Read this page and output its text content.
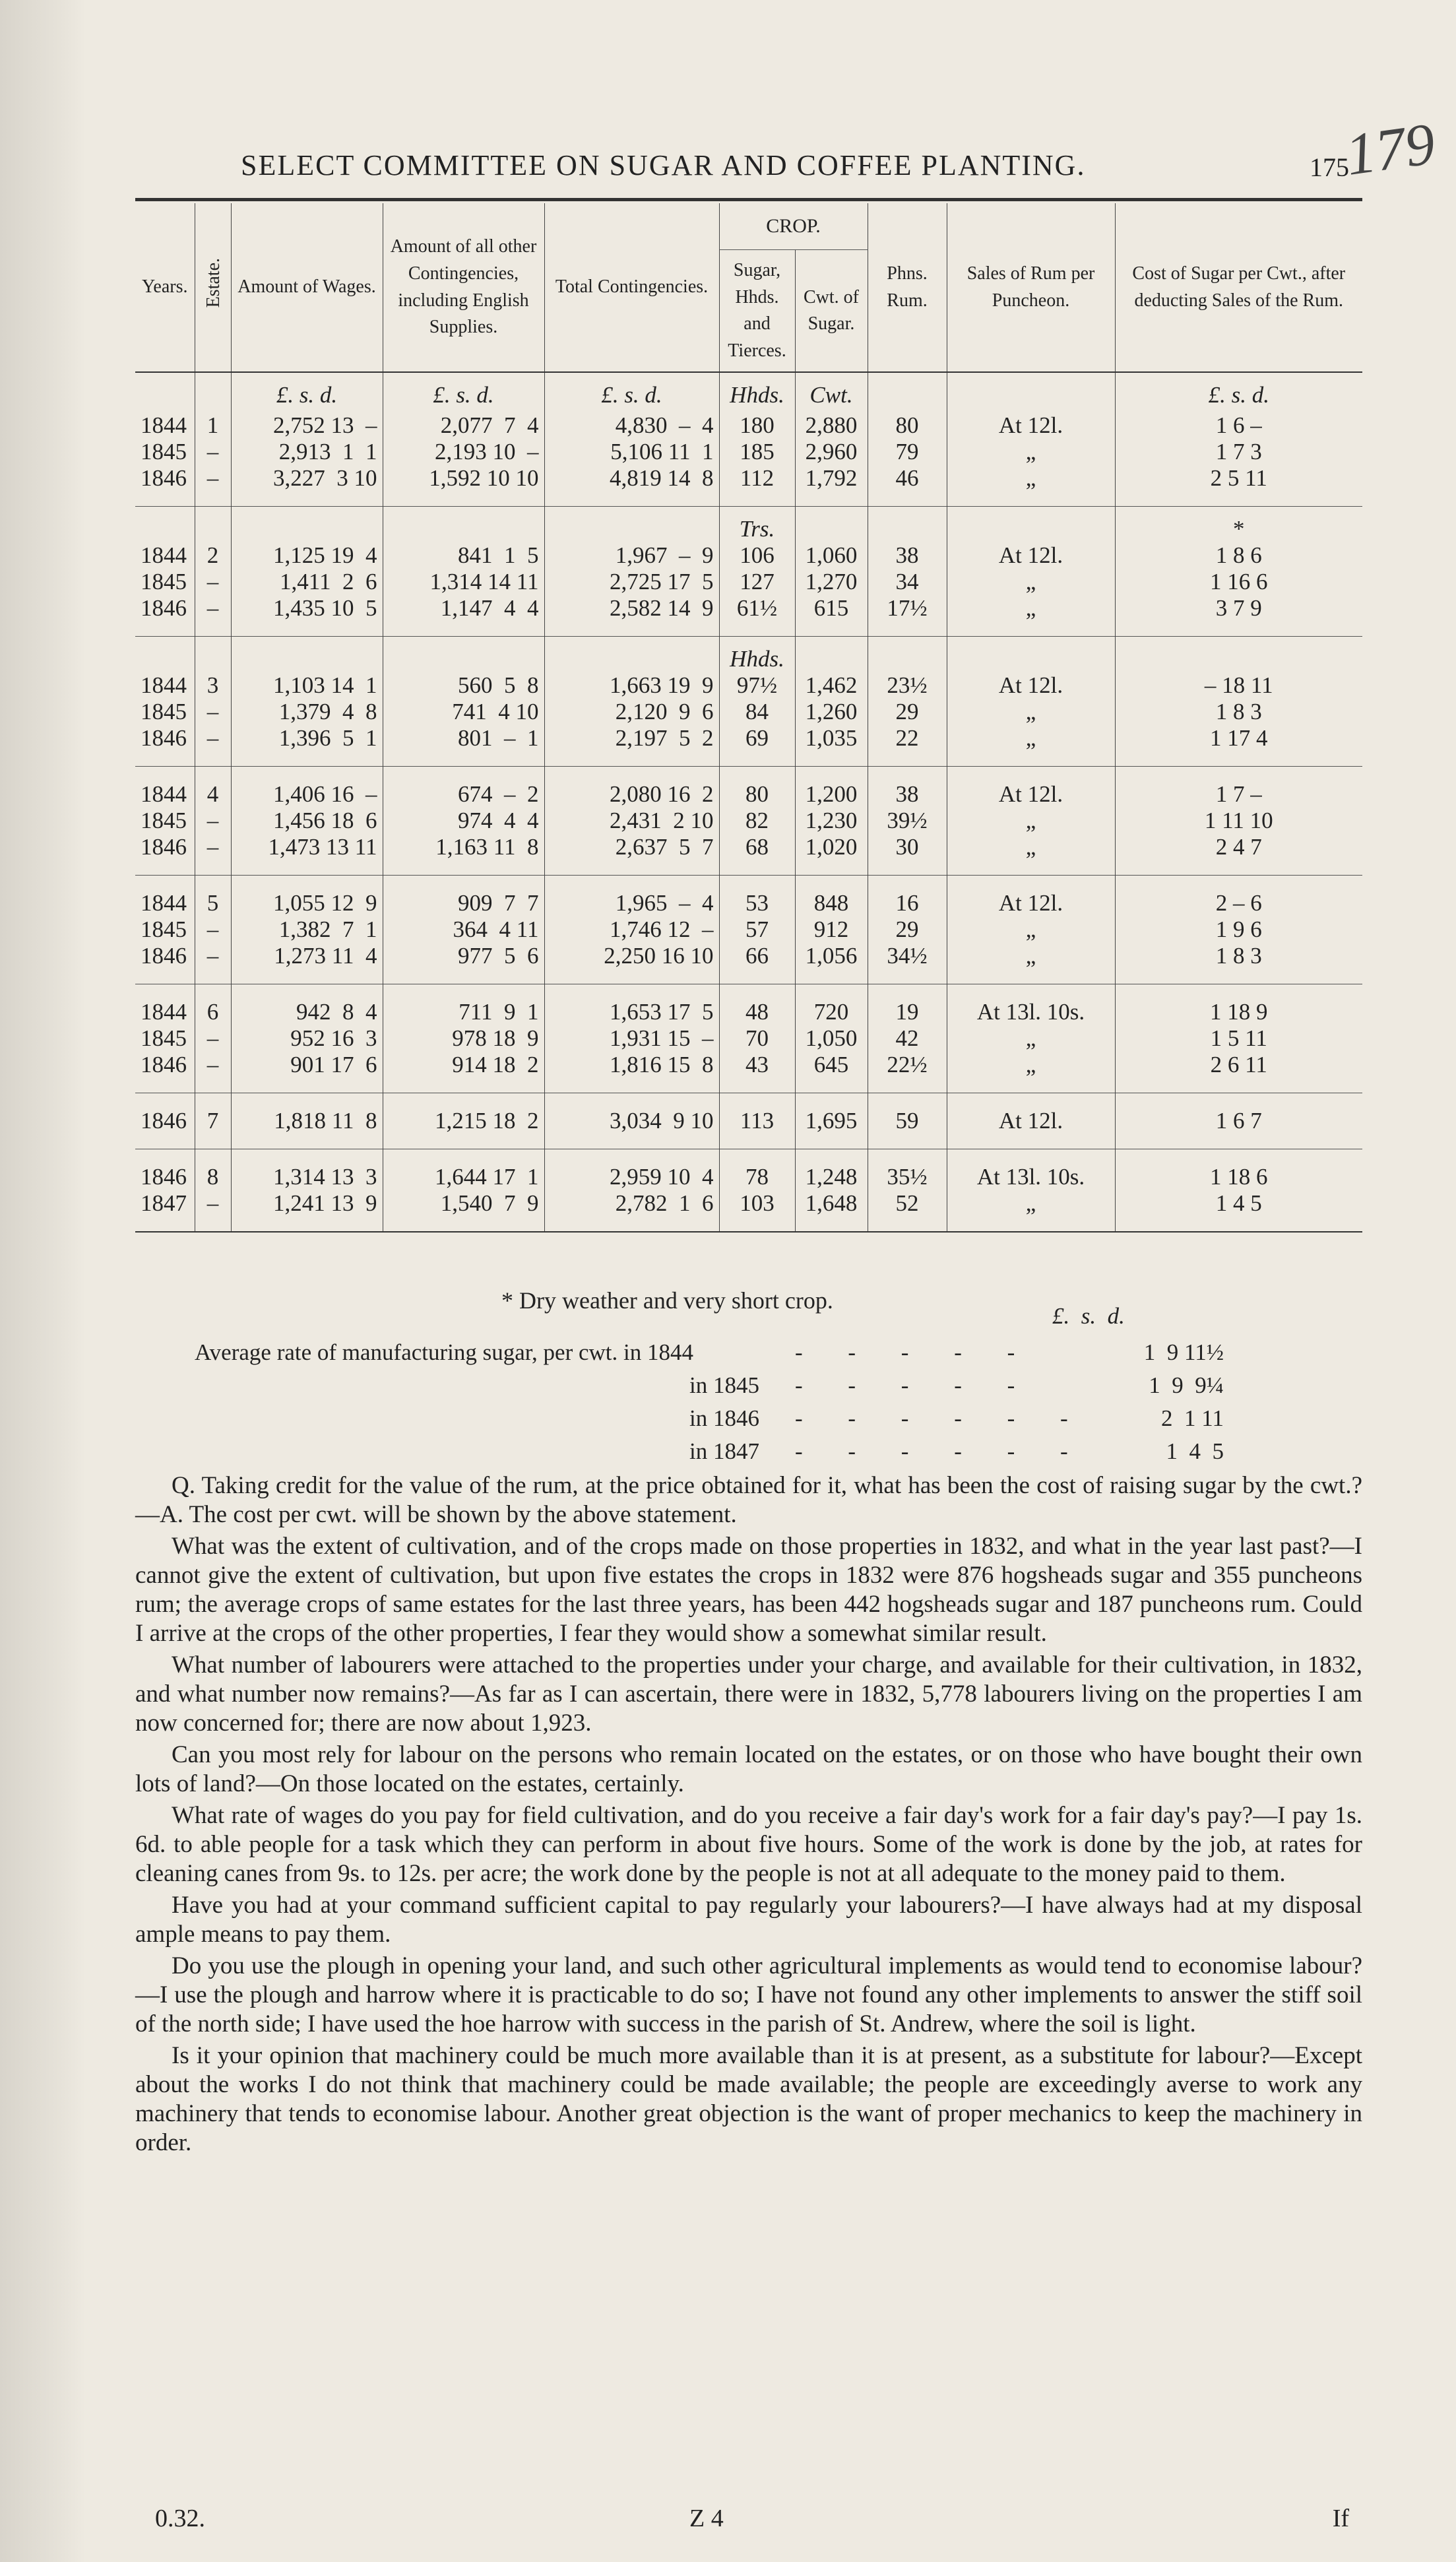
SELECT COMMITTEE ON SUGAR AND COFFEE PLANTING.	175
179
Years.	Estate.	Amount of Wages.	Amount of all other Contingencies, including English Supplies.	Total Contingencies.	CROP.		Phns. Rum.	Sales of Rum per Puncheon.	Cost of Sugar per Cwt., after deducting Sales of the Rum.
					Sugar, Hhds. and Tierces.	Cwt. of Sugar.			
		£. s. d.	£. s. d.	£. s. d.	Hhds.	Cwt.			£. s. d.
1844	1	2,752 13  –	2,077  7  4	4,830  –  4	180	2,880	80	At 12l.	1 6 –
1845	–	2,913  1  1	2,193 10  –	5,106 11  1	185	2,960	79	„	1 7 3
1846	–	3,227  3 10	1,592 10 10	4,819 14  8	112	1,792	46	„	2 5 11
					Trs.				*
1844	2	1,125 19  4	841  1  5	1,967  –  9	106	1,060	38	At 12l.	1 8 6
1845	–	1,411  2  6	1,314 14 11	2,725 17  5	127	1,270	34	„	1 16 6
1846	–	1,435 10  5	1,147  4  4	2,582 14  9	61½	615	17½	„	3 7 9
					Hhds.				
1844	3	1,103 14  1	560  5  8	1,663 19  9	97½	1,462	23½	At 12l.	– 18 11
1845	–	1,379  4  8	741  4 10	2,120  9  6	84	1,260	29	„	1 8 3
1846	–	1,396  5  1	801  –  1	2,197  5  2	69	1,035	22	„	1 17 4
1844	4	1,406 16  –	674  –  2	2,080 16  2	80	1,200	38	At 12l.	1 7 –
1845	–	1,456 18  6	974  4  4	2,431  2 10	82	1,230	39½	„	1 11 10
1846	–	1,473 13 11	1,163 11  8	2,637  5  7	68	1,020	30	„	2 4 7
1844	5	1,055 12  9	909  7  7	1,965  –  4	53	848	16	At 12l.	2 – 6
1845	–	1,382  7  1	364  4 11	1,746 12  –	57	912	29	„	1 9 6
1846	–	1,273 11  4	977  5  6	2,250 16 10	66	1,056	34½	„	1 8 3
1844	6	942  8  4	711  9  1	1,653 17  5	48	720	19	At 13l. 10s.	1 18 9
1845	–	952 16  3	978 18  9	1,931 15  –	70	1,050	42	„	1 5 11
1846	–	901 17  6	914 18  2	1,816 15  8	43	645	22½	„	2 6 11
1846	7	1,818 11  8	1,215 18  2	3,034  9 10	113	1,695	59	At 12l.	1 6 7
1846	8	1,314 13  3	1,644 17  1	2,959 10  4	78	1,248	35½	At 13l. 10s.	1 18 6
1847	–	1,241 13  9	1,540  7  9	2,782  1  6	103	1,648	52	„	1 4 5
* Dry weather and very short crop.
£.  s.  d.
Average rate of manufacturing sugar, per cwt. in 1844	- - - - -	1  9 11½
in 1845 - - - - -	1  9  9¼
in 1846 - - - - - -	2  1 11
in 1847 - - - - - -	1  4  5

Q. Taking credit for the value of the rum, at the price obtained for it, what has been the cost of raising sugar by the cwt.?—A. The cost per cwt. will be shown by the above statement.

What was the extent of cultivation, and of the crops made on those properties in 1832, and what in the year last past?—I cannot give the extent of cultivation, but upon five estates the crops in 1832 were 876 hogsheads sugar and 355 puncheons rum; the average crops of same estates for the last three years, has been 442 hogsheads sugar and 187 puncheons rum. Could I arrive at the crops of the other properties, I fear they would show a somewhat similar result.

What number of labourers were attached to the properties under your charge, and available for their cultivation, in 1832, and what number now remains?—As far as I can ascertain, there were in 1832, 5,778 labourers living on the properties I am now concerned for; there are now about 1,923.

Can you most rely for labour on the persons who remain located on the estates, or on those who have bought their own lots of land?—On those located on the estates, certainly.

What rate of wages do you pay for field cultivation, and do you receive a fair day's work for a fair day's pay?—I pay 1s. 6d. to able people for a task which they can perform in about five hours. Some of the work is done by the job, at rates for cleaning canes from 9s. to 12s. per acre; the work done by the people is not at all adequate to the money paid to them.

Have you had at your command sufficient capital to pay regularly your labourers?—I have always had at my disposal ample means to pay them.

Do you use the plough in opening your land, and such other agricultural implements as would tend to economise labour?—I use the plough and harrow where it is practicable to do so; I have not found any other implements to answer the stiff soil of the north side; I have used the hoe harrow with success in the parish of St. Andrew, where the soil is light.

Is it your opinion that machinery could be much more available than it is at present, as a substitute for labour?—Except about the works I do not think that machinery could be made available; the people are exceedingly averse to work any machinery that tends to economise labour. Another great objection is the want of proper mechanics to keep the machinery in order.

0.32.	Z 4	If
